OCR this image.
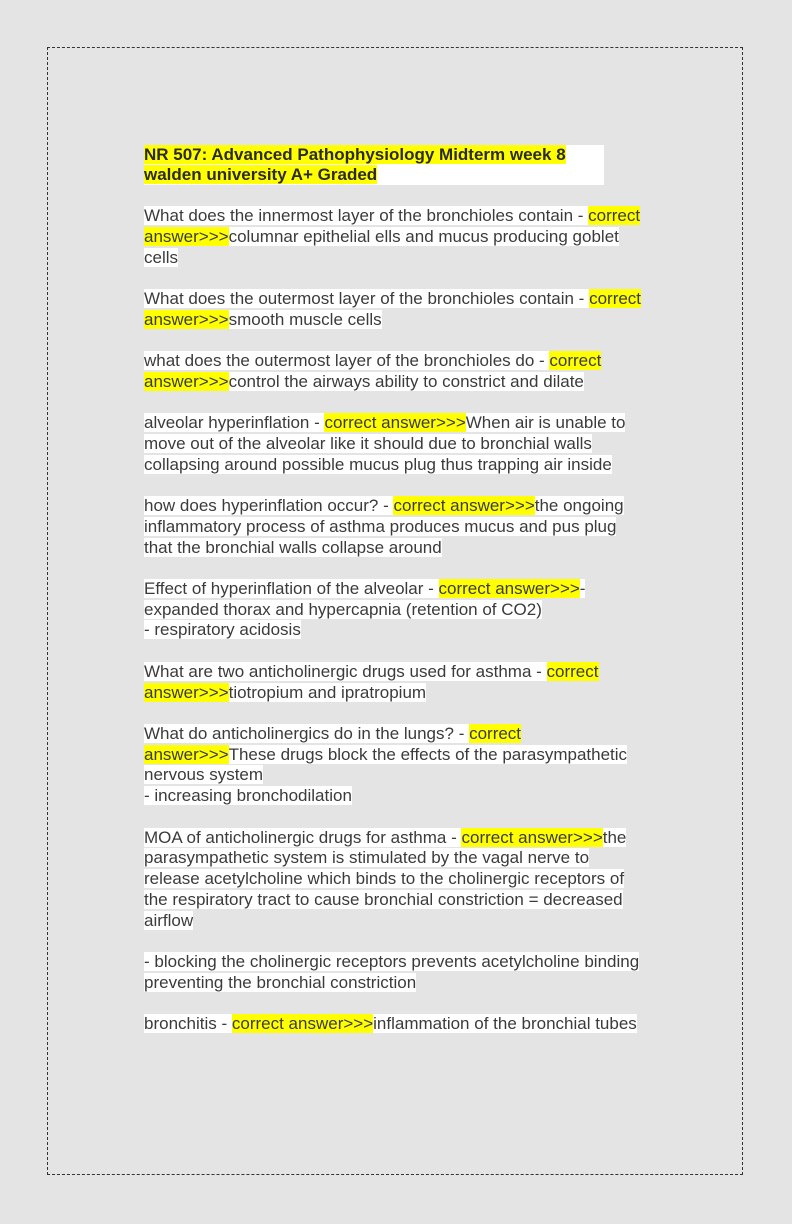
NR 507: Advanced Pathophysiology Midterm week 8
walden university A+ Graded
What does the innermost layer of the bronchioles contain - correct answer>>>columnar epithelial ells and mucus producing goblet cells
What does the outermost layer of the bronchioles contain - correct answer>>>smooth muscle cells
what does the outermost layer of the bronchioles do - correct answer>>>control the airways ability to constrict and dilate
alveolar hyperinflation - correct answer>>>When air is unable to move out of the alveolar like it should due to bronchial walls collapsing around possible mucus plug thus trapping air inside
how does hyperinflation occur? - correct answer>>>the ongoing inflammatory process of asthma produces mucus and pus plug that the bronchial walls collapse around
Effect of hyperinflation of the alveolar - correct answer>>>- expanded thorax and hypercapnia (retention of CO2)
- respiratory acidosis
What are two anticholinergic drugs used for asthma - correct answer>>>tiotropium and ipratropium
What do anticholinergics do in the lungs? - correct answer>>>These drugs block the effects of the parasympathetic nervous system
- increasing bronchodilation
MOA of anticholinergic drugs for asthma - correct answer>>>the parasympathetic system is stimulated by the vagal nerve to release acetylcholine which binds to the cholinergic receptors of the respiratory tract to cause bronchial constriction = decreased airflow
- blocking the cholinergic receptors prevents acetylcholine binding preventing the bronchial constriction
bronchitis - correct answer>>>inflammation of the bronchial tubes
